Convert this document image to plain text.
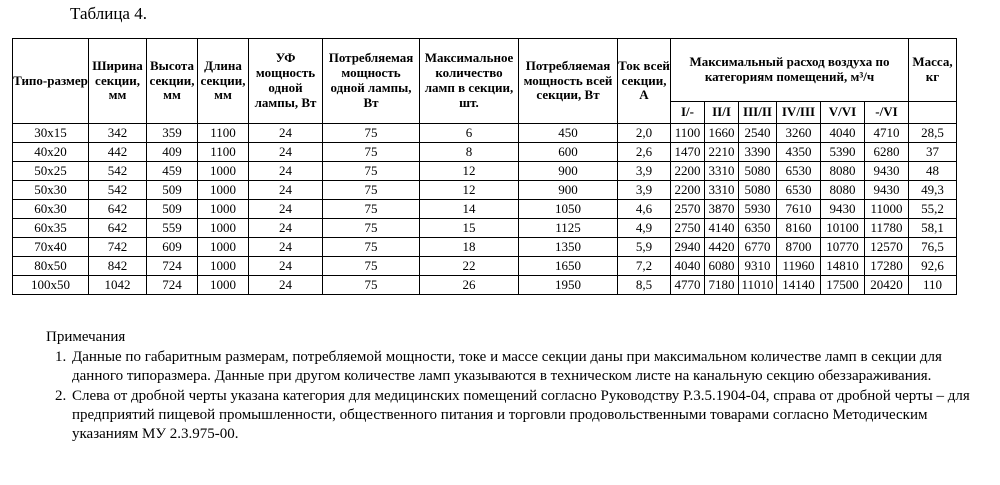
Таблица 4.
Типо-размер	Ширина секции, мм	Высота секции, мм	Длина секции, мм	УФ мощность одной лампы, Вт	Потребляемая мощность одной лампы, Вт	Максимальное количество ламп в секции, шт.	Потребляемая мощность всей секции, Вт	Ток всей секции, А	Максимальный расход воздуха по категориям помещений, м³/ч						Масса, кг
									I/-	II/I	III/II	IV/III	V/VI	-/VI	
30x15	342	359	1100	24	75	6	450	2,0	1100	1660	2540	3260	4040	4710	28,5
40x20	442	409	1100	24	75	8	600	2,6	1470	2210	3390	4350	5390	6280	37
50x25	542	459	1000	24	75	12	900	3,9	2200	3310	5080	6530	8080	9430	48
50x30	542	509	1000	24	75	12	900	3,9	2200	3310	5080	6530	8080	9430	49,3
60x30	642	509	1000	24	75	14	1050	4,6	2570	3870	5930	7610	9430	11000	55,2
60x35	642	559	1000	24	75	15	1125	4,9	2750	4140	6350	8160	10100	11780	58,1
70x40	742	609	1000	24	75	18	1350	5,9	2940	4420	6770	8700	10770	12570	76,5
80x50	842	724	1000	24	75	22	1650	7,2	4040	6080	9310	11960	14810	17280	92,6
100x50	1042	724	1000	24	75	26	1950	8,5	4770	7180	11010	14140	17500	20420	110
Примечания
1. Данные по габаритным размерам, потребляемой мощности, токе и массе секции даны при максимальном количестве ламп в секции для данного типоразмера. Данные при другом количестве ламп указываются в техническом листе на канальную секцию обеззараживания.
2. Слева от дробной черты указана категория для медицинских помещений согласно Руководству Р.3.5.1904-04, справа от дробной черты – для предприятий пищевой промышленности, общественного питания и торговли продовольственными товарами согласно Методическим указаниям МУ 2.3.975-00.
